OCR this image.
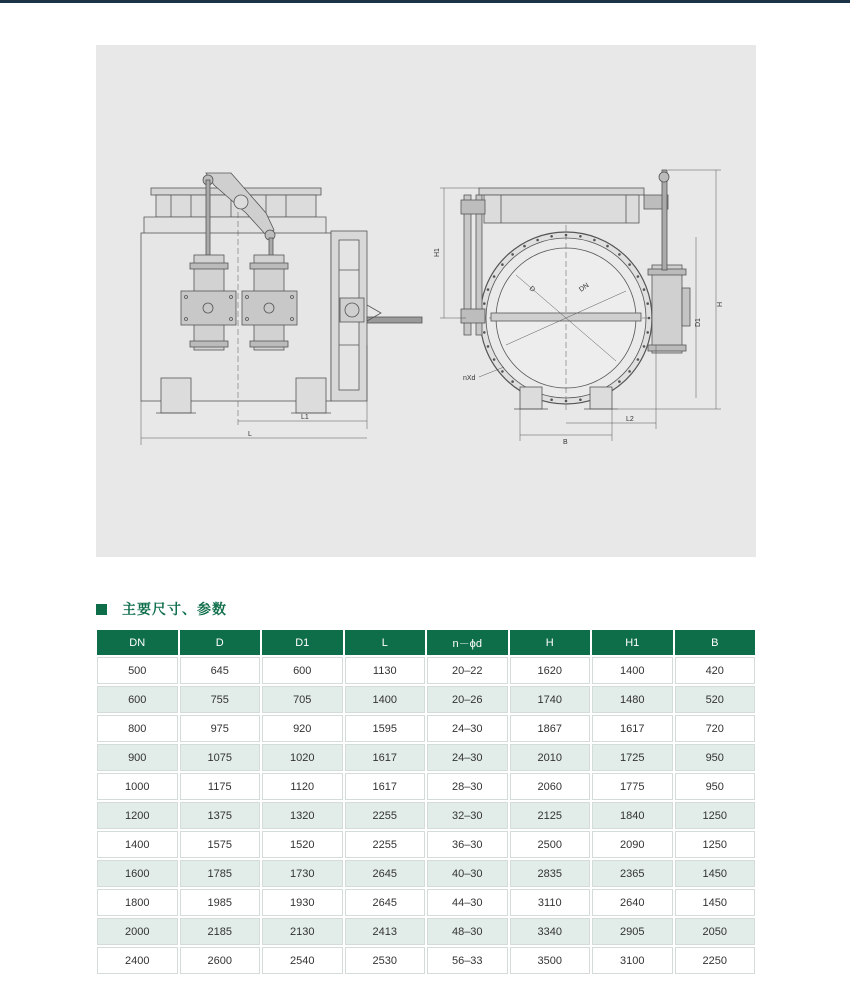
L1
L
H1
H
D1
D	DN
nXd
L2
B
主要尺寸、参数
DN	D	D1	L	n－ϕd	H	H1	B
500	645	600	1130	20–22	1620	1400	420
600	755	705	1400	20–26	1740	1480	520
800	975	920	1595	24–30	1867	1617	720
900	1075	1020	1617	24–30	2010	1725	950
1000	1175	1120	1617	28–30	2060	1775	950
1200	1375	1320	2255	32–30	2125	1840	1250
1400	1575	1520	2255	36–30	2500	2090	1250
1600	1785	1730	2645	40–30	2835	2365	1450
1800	1985	1930	2645	44–30	3110	2640	1450
2000	2185	2130	2413	48–30	3340	2905	2050
2400	2600	2540	2530	56–33	3500	3100	2250
